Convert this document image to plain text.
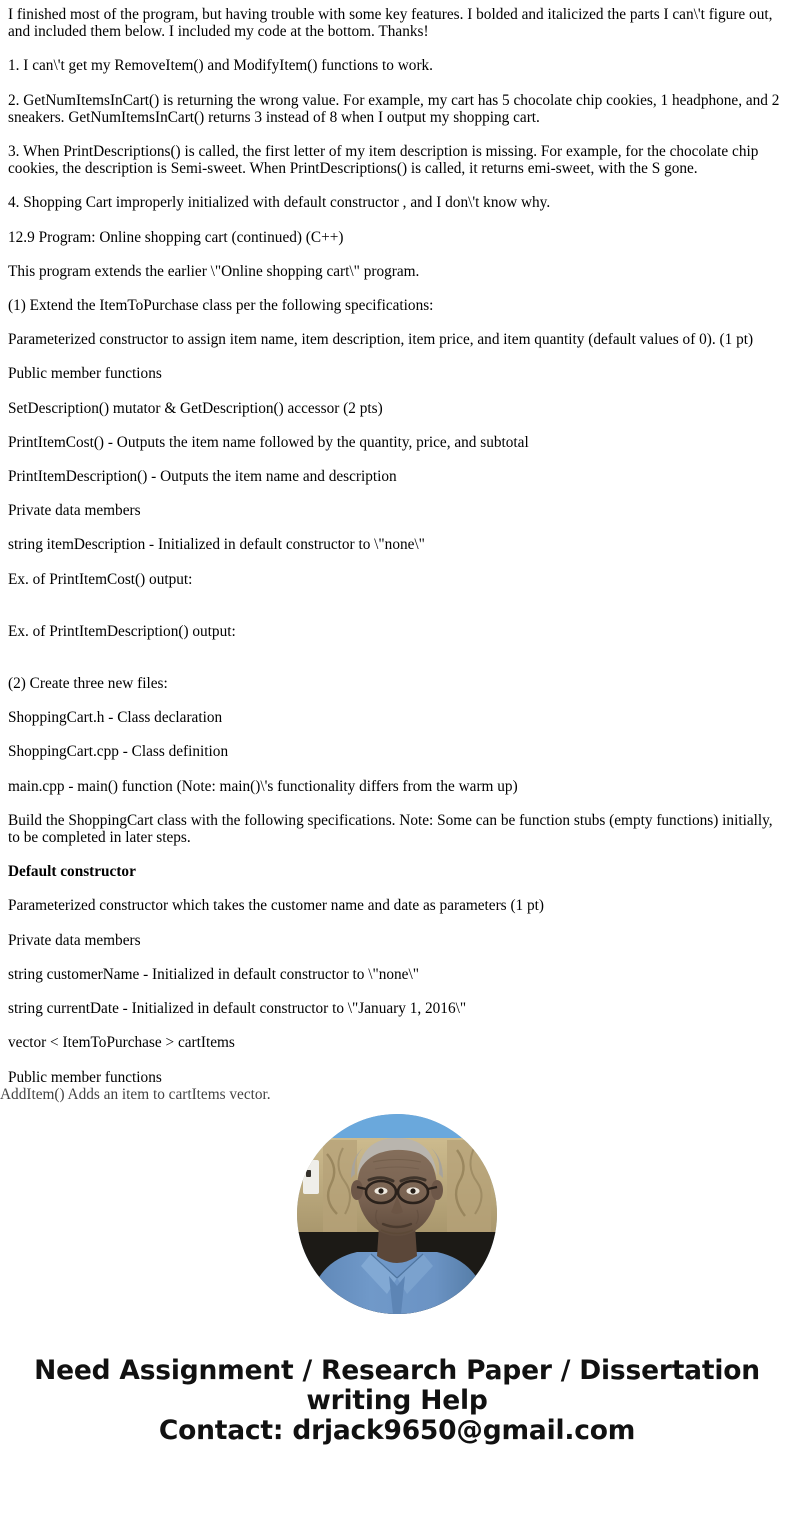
I finished most of the program, but having trouble with some key features. I bolded and italicized the parts I can\'t figure out, and included them below. I included my code at the bottom. Thanks!

1. I can\'t get my RemoveItem() and ModifyItem() functions to work.

2. GetNumItemsInCart() is returning the wrong value. For example, my cart has 5 chocolate chip cookies, 1 headphone, and 2 sneakers. GetNumItemsInCart() returns 3 instead of 8 when I output my shopping cart.

3. When PrintDescriptions() is called, the first letter of my item description is missing. For example, for the chocolate chip cookies, the description is Semi-sweet. When PrintDescriptions() is called, it returns emi-sweet, with the S gone.

4. Shopping Cart improperly initialized with default constructor , and I don\'t know why.

12.9 Program: Online shopping cart (continued) (C++)

This program extends the earlier \"Online shopping cart\" program.

(1) Extend the ItemToPurchase class per the following specifications:

Parameterized constructor to assign item name, item description, item price, and item quantity (default values of 0). (1 pt)

Public member functions

SetDescription() mutator & GetDescription() accessor (2 pts)

PrintItemCost() - Outputs the item name followed by the quantity, price, and subtotal

PrintItemDescription() - Outputs the item name and description

Private data members

string itemDescription - Initialized in default constructor to \"none\"

Ex. of PrintItemCost() output:

Ex. of PrintItemDescription() output:

(2) Create three new files:

ShoppingCart.h - Class declaration

ShoppingCart.cpp - Class definition

main.cpp - main() function (Note: main()\'s functionality differs from the warm up)

Build the ShoppingCart class with the following specifications. Note: Some can be function stubs (empty functions) initially, to be completed in later steps.

Default constructor

Parameterized constructor which takes the customer name and date as parameters (1 pt)

Private data members

string customerName - Initialized in default constructor to \"none\"

string currentDate - Initialized in default constructor to \"January 1, 2016\"

vector < ItemToPurchase > cartItems

Public member functions

AddItem() Adds an item to cartItems vector.
Need Assignment / Research Paper / Dissertation
writing Help
Contact: drjack9650@gmail.com
